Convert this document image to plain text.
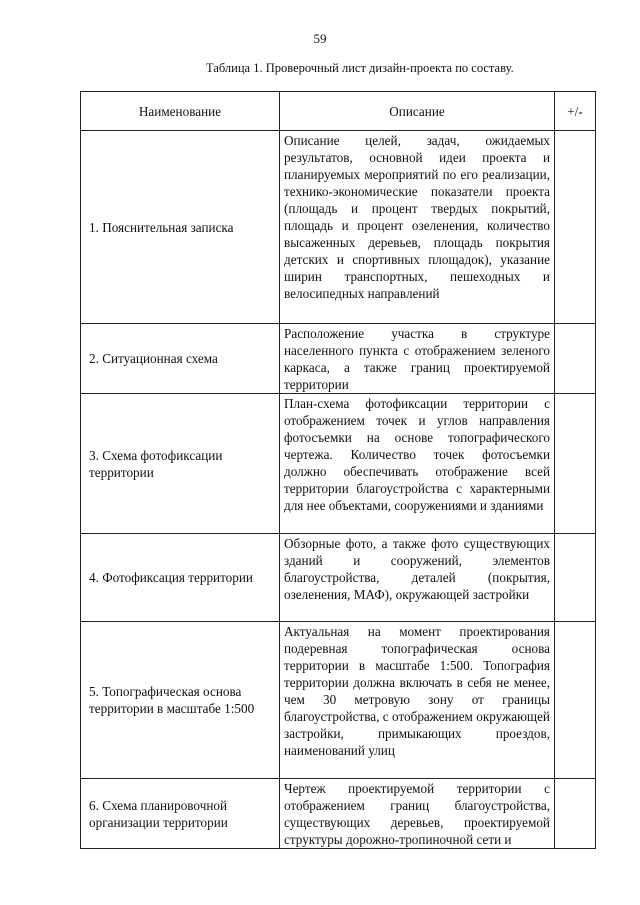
59
Таблица 1. Проверочный лист дизайн-проекта по составу.
Наименование	Описание	+/-
1. Пояснительная записка	Описание целей, задач, ожидаемых результатов, основной идеи проекта и планируемых мероприятий по его реализации, технико-экономические показатели проекта (площадь и процент твердых покрытий, площадь и процент озеленения, количество высаженных деревьев, площадь покрытия детских и спортивных площадок), указание ширин транспортных, пешеходных и велосипедных направлений	
2. Ситуационная схема	Расположение участка в структуре населенного пункта с отображением зеленого каркаса, а также границ проектируемой территории	
3. Схема фотофиксации территории	План-схема фотофиксации территории с отображением точек и углов направления фотосъемки на основе топографического чертежа. Количество точек фотосъемки должно обеспечивать отображение всей территории благоустройства с характерными для нее объектами, сооружениями и зданиями	
4. Фотофиксация территории	Обзорные фото, а также фото существующих зданий и сооружений, элементов благоустройства, деталей (покрытия, озеленения, МАФ), окружающей застройки	
5. Топографическая основа территории в масштабе 1:500	Актуальная на момент проектирования подеревная топографическая основа территории в масштабе 1:500. Топография территории должна включать в себя не менее, чем 30 метровую зону от границы благоустройства, с отображением окружающей застройки, примыкающих проездов, наименований улиц	
6. Схема планировочной организации территории	Чертеж проектируемой территории с отображением границ благоустройства, существующих деревьев, проектируемой структуры дорожно-тропиночной сети и	
